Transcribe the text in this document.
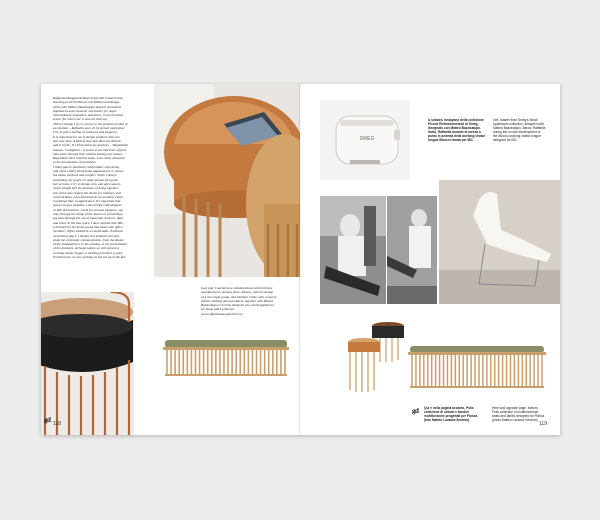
Raffaella Mangiarotti deals both with research and
teaching at the Politecnico di Milano and design,
while with Matteo Bazzicalupo designs household
appliances and consumer electronics for major
international companies, and alone, in the furniture
sector, for which she is also art director.
'When I design I try to convey to the product an idea or
an emotion – Raffaella says. In its formal expression
I try to give a feeling of calmness and elegance.
It is important for me to design products that can
last over time. A kind of sign that does not disturb
and is ironic. If I think about my teachers – Magistretti,
Zanuso, Castiglioni – it seems to me that their objects
have gone through time without leaving our homes.
Regardless their cultural value, I am really attracted
to the permanence of aesthetics.
I think spaces should be comfortable, welcoming
and calm. I don't mind about appearances or status,
but about wellness and comfort. When I design
something, my goal is to make people feel good,
feel at home. I try to design cosy and open spaces,
where people feel the pleasure of being together,
but which also respect the desire for intimacy and
concentration. I am interested in an aesthetic closer
to feelings than to appearance. It's important that
spaces convey empathy. I do not like cold elegance
or idle decorations. I look for sensual elegance, not
only through the shape of the spaces or furnishings,
but also through the use of materials, textures, light
and color. In the last years, I have worked with IBC,
a brand from the Lomo group that deals with office
furniture. Office should be a comfortable, fluid and
welcoming space. I design new products but also
study the corporate communication, from the design
of the headquarters, to the catalog, to the presentation
of the products. At Supersalone we will present a
working chaise longue, a meeting armchair, a pouf.
Furthermore, we are working on the set-up at the fair.

gd 118

Last year I started new collaborations with furniture
manufacturers. Among these, Pianca, with the design
of a new night group, and Opinion Ciatti, with a seat in
leather. Talking about products, together with Matteo
Bazzicalupo I recently designed new small appliances
for Smeg and La Pavoni.
www.raffaellamangiarotti.com

SMEG
A sinistra, tostapane della collezione
Piccoli Elettrodomestici di Smeg,
disegnato con Matteo Bazzicalupo.
Sotto, Raffaella durante la messa a
punto in azienda della working chaise
longue Bloccsi ideata per IBC.
Left, toaster from Smeg's Small
Appliances collection, designed with
Matteo Bazzicalupo. Below, Raffaella
during the on-site development of
the Bloccsi working chaise longue
designed for IBC.
Qui e nella pagina accanto, Polis
collezione di sedute e tavolini
multifunzione progettati per Pianca
(foto Matteo Lavazza Seranto).
Here and opposite page, bottom,
Polis collection of multifunctional
seats and tables designed for Pianca
(photo Matteo Lavazza Seranto).
gd
119
